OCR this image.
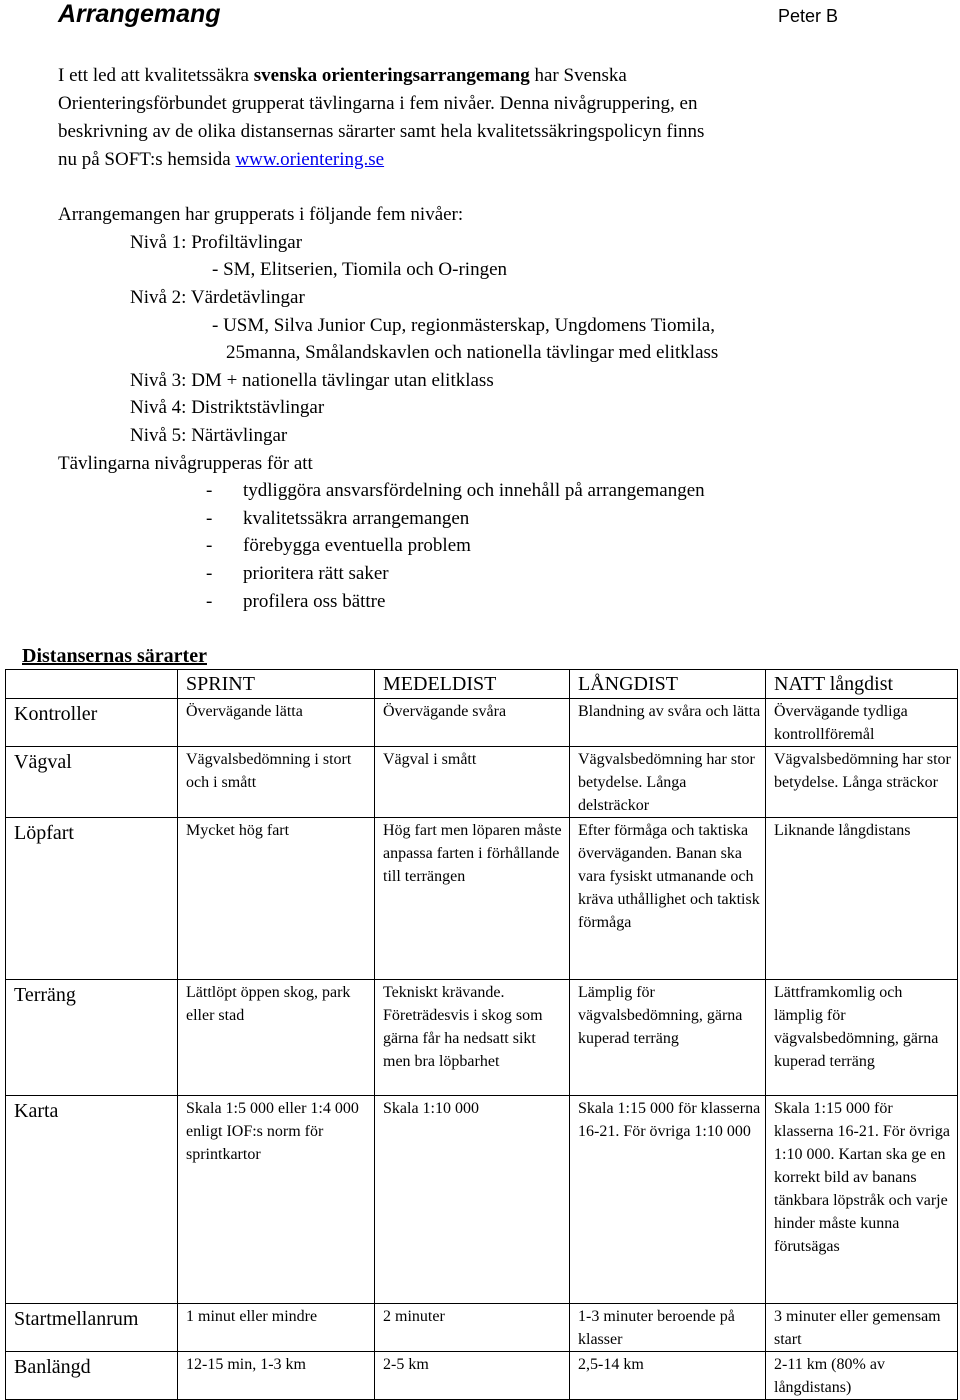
Arrangemang	Peter B
I ett led att kvalitetssäkra svenska orienteringsarrangemang har Svenska
Orienteringsförbundet grupperat tävlingarna i fem nivåer. Denna nivågruppering, en
beskrivning av de olika distansernas särarter samt hela kvalitetssäkringspolicyn finns
nu på SOFT:s hemsida www.orientering.se
Arrangemangen har grupperats i följande fem nivåer:
Nivå 1: Profiltävlingar
- SM, Elitserien, Tiomila och O-ringen
Nivå 2: Värdetävlingar
- USM, Silva Junior Cup, regionmästerskap, Ungdomens Tiomila,
25manna, Smålandskavlen och nationella tävlingar med elitklass
Nivå 3: DM + nationella tävlingar utan elitklass
Nivå 4: Distriktstävlingar
Nivå 5: Närtävlingar
Tävlingarna nivågrupperas för att
- tydliggöra ansvarsfördelning och innehåll på arrangemangen
- kvalitetssäkra arrangemangen
- förebygga eventuella problem
- prioritera rätt saker
- profilera oss bättre
Distansernas särarter
	SPRINT	MEDELDIST	LÅNGDIST	NATT långdist
Kontroller	Övervägande lätta	Övervägande svåra	Blandning av svåra och lätta	Övervägande tydliga kontrollföremål
Vägval	Vägvalsbedömning i stort och i smått	Vägval i smått	Vägvalsbedömning har stor betydelse. Långa delsträckor	Vägvalsbedömning har stor betydelse. Långa sträckor
Löpfart	Mycket hög fart	Hög fart men löparen måste anpassa farten i förhållande till terrängen	Efter förmåga och taktiska överväganden. Banan ska vara fysiskt utmanande och kräva uthållighet och taktisk förmåga	Liknande långdistans
Terräng	Lättlöpt öppen skog, park eller stad	Tekniskt krävande. Företrädesvis i skog som gärna får ha nedsatt sikt men bra löpbarhet	Lämplig för vägvalsbedömning, gärna kuperad terräng	Lättframkomlig och lämplig för vägvalsbedömning, gärna kuperad terräng
Karta	Skala 1:5 000 eller 1:4 000 enligt IOF:s norm för sprintkartor	Skala 1:10 000	Skala 1:15 000 för klasserna 16-21. För övriga 1:10 000	Skala 1:15 000 för klasserna 16-21. För övriga 1:10 000. Kartan ska ge en korrekt bild av banans tänkbara löpstråk och varje hinder måste kunna förutsägas
Startmellanrum	1 minut eller mindre	2 minuter	1-3 minuter beroende på klasser	3 minuter eller gemensam start
Banlängd	12-15 min, 1-3 km	2-5 km	2,5-14 km	2-11 km (80% av långdistans)
